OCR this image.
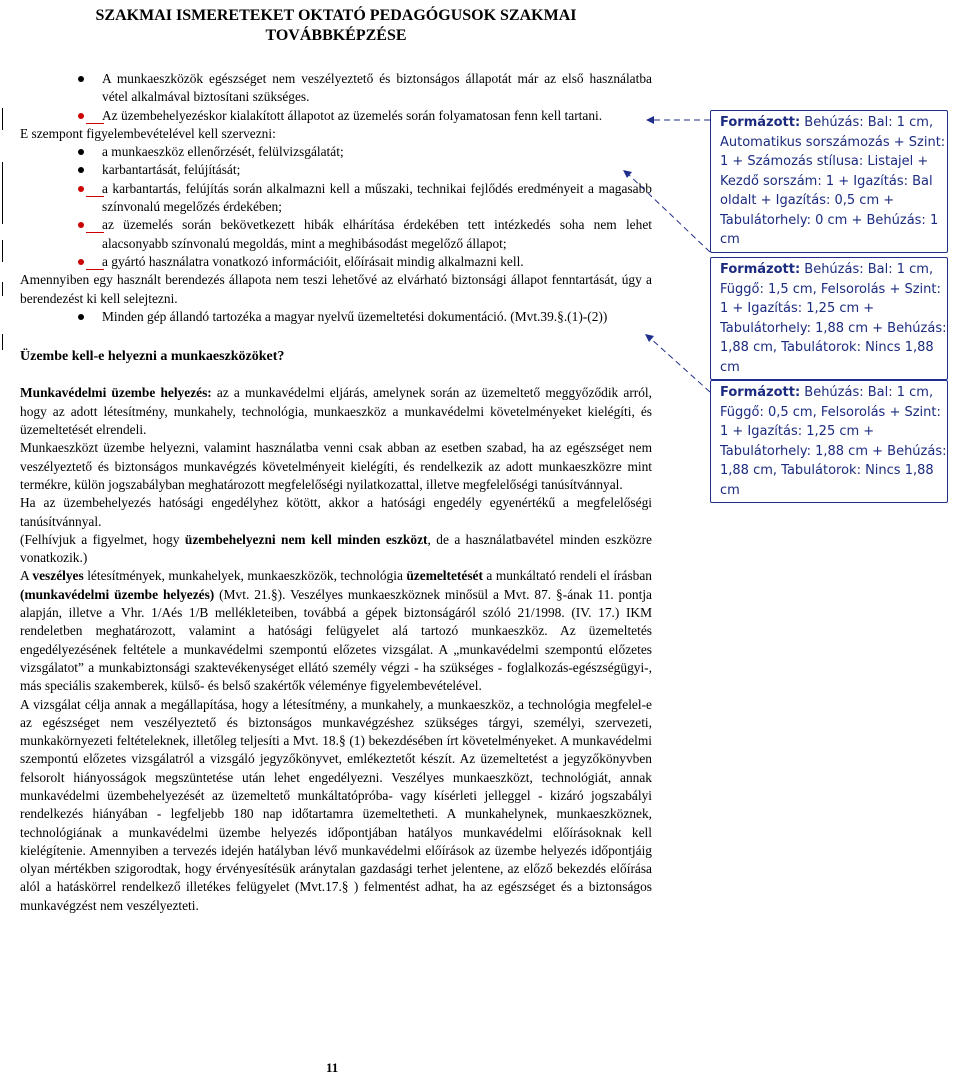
SZAKMAI ISMERETEKET OKTATÓ PEDAGÓGUSOK SZAKMAI TOVÁBBKÉPZÉSE
A munkaeszközök egészséget nem veszélyeztető és biztonságos állapotát már az első használatba vétel alkalmával biztosítani szükséges.
Az üzembehelyezéskor kialakított állapotot az üzemelés során folyamatosan fenn kell tartani.

E szempont figyelembevételével kell szervezni:

a munkaeszköz ellenőrzését, felülvizsgálatát;
karbantartását, felújítását;
a karbantartás, felújítás során alkalmazni kell a műszaki, technikai fejlődés eredményeit a magasabb színvonalú megelőzés érdekében;
az üzemelés során bekövetkezett hibák elhárítása érdekében tett intézkedés soha nem lehet alacsonyabb színvonalú megoldás, mint a meghibásodást megelőző állapot;
a gyártó használatra vonatkozó információit, előírásait mindig alkalmazni kell.

Amennyiben egy használt berendezés állapota nem teszi lehetővé az elvárható biztonsági állapot fenntartását, úgy a berendezést ki kell selejtezni.

Minden gép állandó tartozéka a magyar nyelvű üzemeltetési dokumentáció. (Mvt.39.§.(1)-(2))

Üzembe kell-e helyezni a munkaeszközöket?

Munkavédelmi üzembe helyezés: az a munkavédelmi eljárás, amelynek során az üzemeltető meggyőződik arról, hogy az adott létesítmény, munkahely, technológia, munkaeszköz a munkavédelmi követelményeket kielégíti, és üzemeltetését elrendeli.

Munkaeszközt üzembe helyezni, valamint használatba venni csak abban az esetben szabad, ha az egészséget nem veszélyeztető és biztonságos munkavégzés követelményeit kielégíti, és rendelkezik az adott munkaeszközre mint termékre, külön jogszabályban meghatározott megfelelőségi nyilatkozattal, illetve megfelelőségi tanúsítvánnyal.

Ha az üzembehelyezés hatósági engedélyhez kötött, akkor a hatósági engedély egyenértékű a megfelelőségi tanúsítvánnyal.

(Felhívjuk a figyelmet, hogy üzembehelyezni nem kell minden eszközt, de a használatbavétel minden eszközre vonatkozik.)

A veszélyes létesítmények, munkahelyek, munkaeszközök, technológia üzemeltetését a munkáltató rendeli el írásban (munkavédelmi üzembe helyezés) (Mvt. 21.§). Veszélyes munkaeszköznek minősül a Mvt. 87. §-ának 11. pontja alapján, illetve a Vhr. 1/Aés 1/B mellékleteiben, továbbá a gépek biztonságáról szóló 21/1998. (IV. 17.) IKM rendeletben meghatározott, valamint a hatósági felügyelet alá tartozó munkaeszköz. Az üzemeltetés engedélyezésének feltétele a munkavédelmi szempontú előzetes vizsgálat. A „munkavédelmi szempontú előzetes vizsgálatot” a munkabiztonsági szaktevékenységet ellátó személy végzi - ha szükséges - foglalkozás-egészségügyi-, más speciális szakemberek, külső- és belső szakértők véleménye figyelembevételével.

A vizsgálat célja annak a megállapítása, hogy a létesítmény, a munkahely, a munkaeszköz, a technológia megfelel-e az egészséget nem veszélyeztető és biztonságos munkavégzéshez szükséges tárgyi, személyi, szervezeti, munkakörnyezeti feltételeknek, illetőleg teljesíti a Mvt. 18.§ (1) bekezdésében írt követelményeket. A munkavédelmi szempontú előzetes vizsgálatról a vizsgáló jegyzőkönyvet, emlékeztetőt készít. Az üzemeltetést a jegyzőkönyvben felsorolt hiányosságok megszüntetése után lehet engedélyezni. Veszélyes munkaeszközt, technológiát, annak munkavédelmi üzembehelyezését az üzemeltető munkáltatópróba- vagy kísérleti jelleggel - kizáró jogszabályi rendelkezés hiányában - legfeljebb 180 nap időtartamra üzemeltetheti. A munkahelynek, munkaeszköznek, technológiának a munkavédelmi üzembe helyezés időpontjában hatályos munkavédelmi előírásoknak kell kielégítenie. Amennyiben a tervezés idején hatályban lévő munkavédelmi előírások az üzembe helyezés időpontjáig olyan mértékben szigorodtak, hogy érvényesítésük aránytalan gazdasági terhet jelentene, az előző bekezdés előírása alól a hatáskörrel rendelkező illetékes felügyelet (Mvt.17.§ ) felmentést adhat, ha az egészséget és a biztonságos munkavégzést nem veszélyezteti.

Formázott: Behúzás: Bal: 1 cm, Automatikus sorszámozás + Szint: 1 + Számozás stílusa: Listajel + Kezdő sorszám: 1 + Igazítás: Bal oldalt + Igazítás: 0,5 cm + Tabulátorhely: 0 cm + Behúzás: 1 cm
Formázott: Behúzás: Bal: 1 cm, Függő: 1,5 cm, Felsorolás + Szint: 1 + Igazítás: 1,25 cm + Tabulátorhely: 1,88 cm + Behúzás: 1,88 cm, Tabulátorok: Nincs 1,88 cm
Formázott: Behúzás: Bal: 1 cm, Függő: 0,5 cm, Felsorolás + Szint: 1 + Igazítás: 1,25 cm + Tabulátorhely: 1,88 cm + Behúzás: 1,88 cm, Tabulátorok: Nincs 1,88 cm
11
